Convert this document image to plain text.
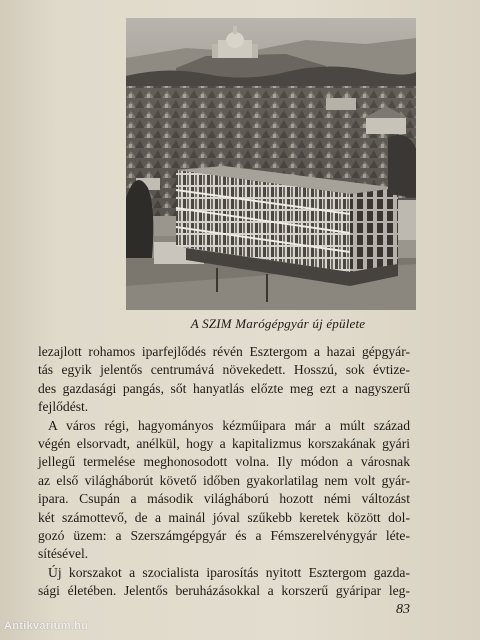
A SZIM Marógépgyár új épülete
lezajlott rohamos iparfejlődés révén Esztergom a hazai gépgyár-
tás egyik jelentős centrumává növekedett. Hosszú, sok évtize-
des gazdasági pangás, sőt hanyatlás előzte meg ezt a nagyszerű
fejlődést.
A város régi, hagyományos kézműipara már a múlt század
végén elsorvadt, anélkül, hogy a kapitalizmus korszakának gyári
jellegű termelése meghonosodott volna. Ily módon a városnak
az első világháborút követő időben gyakorlatilag nem volt gyár-
ipara. Csupán a második világháború hozott némi változást
két számottevő, de a mainál jóval szűkebb keretek között dol-
gozó üzem: a Szerszámgépgyár és a Fémszerelvénygyár léte-
sítésével.
Új korszakot a szocialista iparosítás nyitott Esztergom gazda-
sági életében. Jelentős beruházásokkal a korszerű gyáripar leg-
83
Antikvarium.hu
